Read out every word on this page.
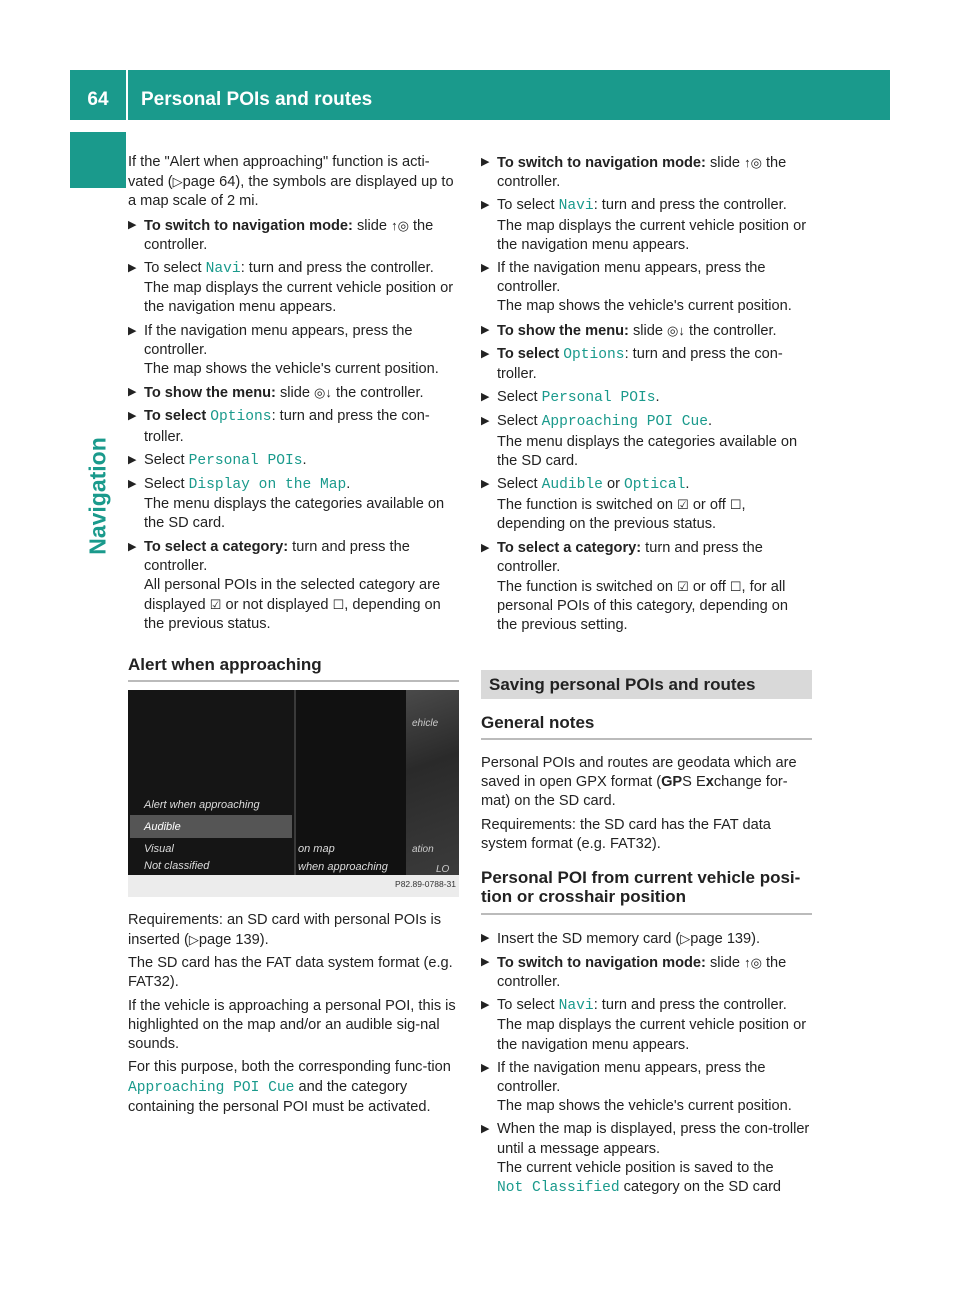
64	Personal POIs and routes
Navigation

If the "Alert when approaching" function is acti-vated (▷page 64), the symbols are displayed up to a map scale of 2 mi.

▶ To switch to navigation mode: slide ↑◎ the controller.
▶ To select Navi: turn and press the controller.
The map displays the current vehicle position or the navigation menu appears.
▶ If the navigation menu appears, press the controller.
The map shows the vehicle's current position.
▶ To show the menu: slide ◎↓ the controller.
▶ To select Options: turn and press the con-troller.
▶ Select Personal POIs.
▶ Select Display on the Map.
The menu displays the categories available on the SD card.
▶ To select a category: turn and press the controller.
All personal POIs in the selected category are displayed ☑ or not displayed ☐, depending on the previous status.
Alert when approaching
Alert when approaching
Audible
Visual
Not classified
on map
when approaching
ehicle
ation
LO
P82.89-0788-31

Requirements: an SD card with personal POIs is inserted (▷page 139).

The SD card has the FAT data system format (e.g. FAT32).

If the vehicle is approaching a personal POI, this is highlighted on the map and/or an audible sig-nal sounds.

For this purpose, both the corresponding func-tion Approaching POI Cue and the category containing the personal POI must be activated.

▶ To switch to navigation mode: slide ↑◎ the controller.
▶ To select Navi: turn and press the controller.
The map displays the current vehicle position or the navigation menu appears.
▶ If the navigation menu appears, press the controller.
The map shows the vehicle's current position.
▶ To show the menu: slide ◎↓ the controller.
▶ To select Options: turn and press the con-troller.
▶ Select Personal POIs.
▶ Select Approaching POI Cue.
The menu displays the categories available on the SD card.
▶ Select Audible or Optical.
The function is switched on ☑ or off ☐, depending on the previous status.
▶ To select a category: turn and press the controller.
The function is switched on ☑ or off ☐, for all personal POIs of this category, depending on the previous setting.
Saving personal POIs and routes
General notes

Personal POIs and routes are geodata which are saved in open GPX format (GPS Exchange for-mat) on the SD card.

Requirements: the SD card has the FAT data system format (e.g. FAT32).

Personal POI from current vehicle posi-tion or crosshair position
▶ Insert the SD memory card (▷page 139).
▶ To switch to navigation mode: slide ↑◎ the controller.
▶ To select Navi: turn and press the controller.
The map displays the current vehicle position or the navigation menu appears.
▶ If the navigation menu appears, press the controller.
The map shows the vehicle's current position.
▶ When the map is displayed, press the con-troller until a message appears.
The current vehicle position is saved to the
Not Classified category on the SD card
